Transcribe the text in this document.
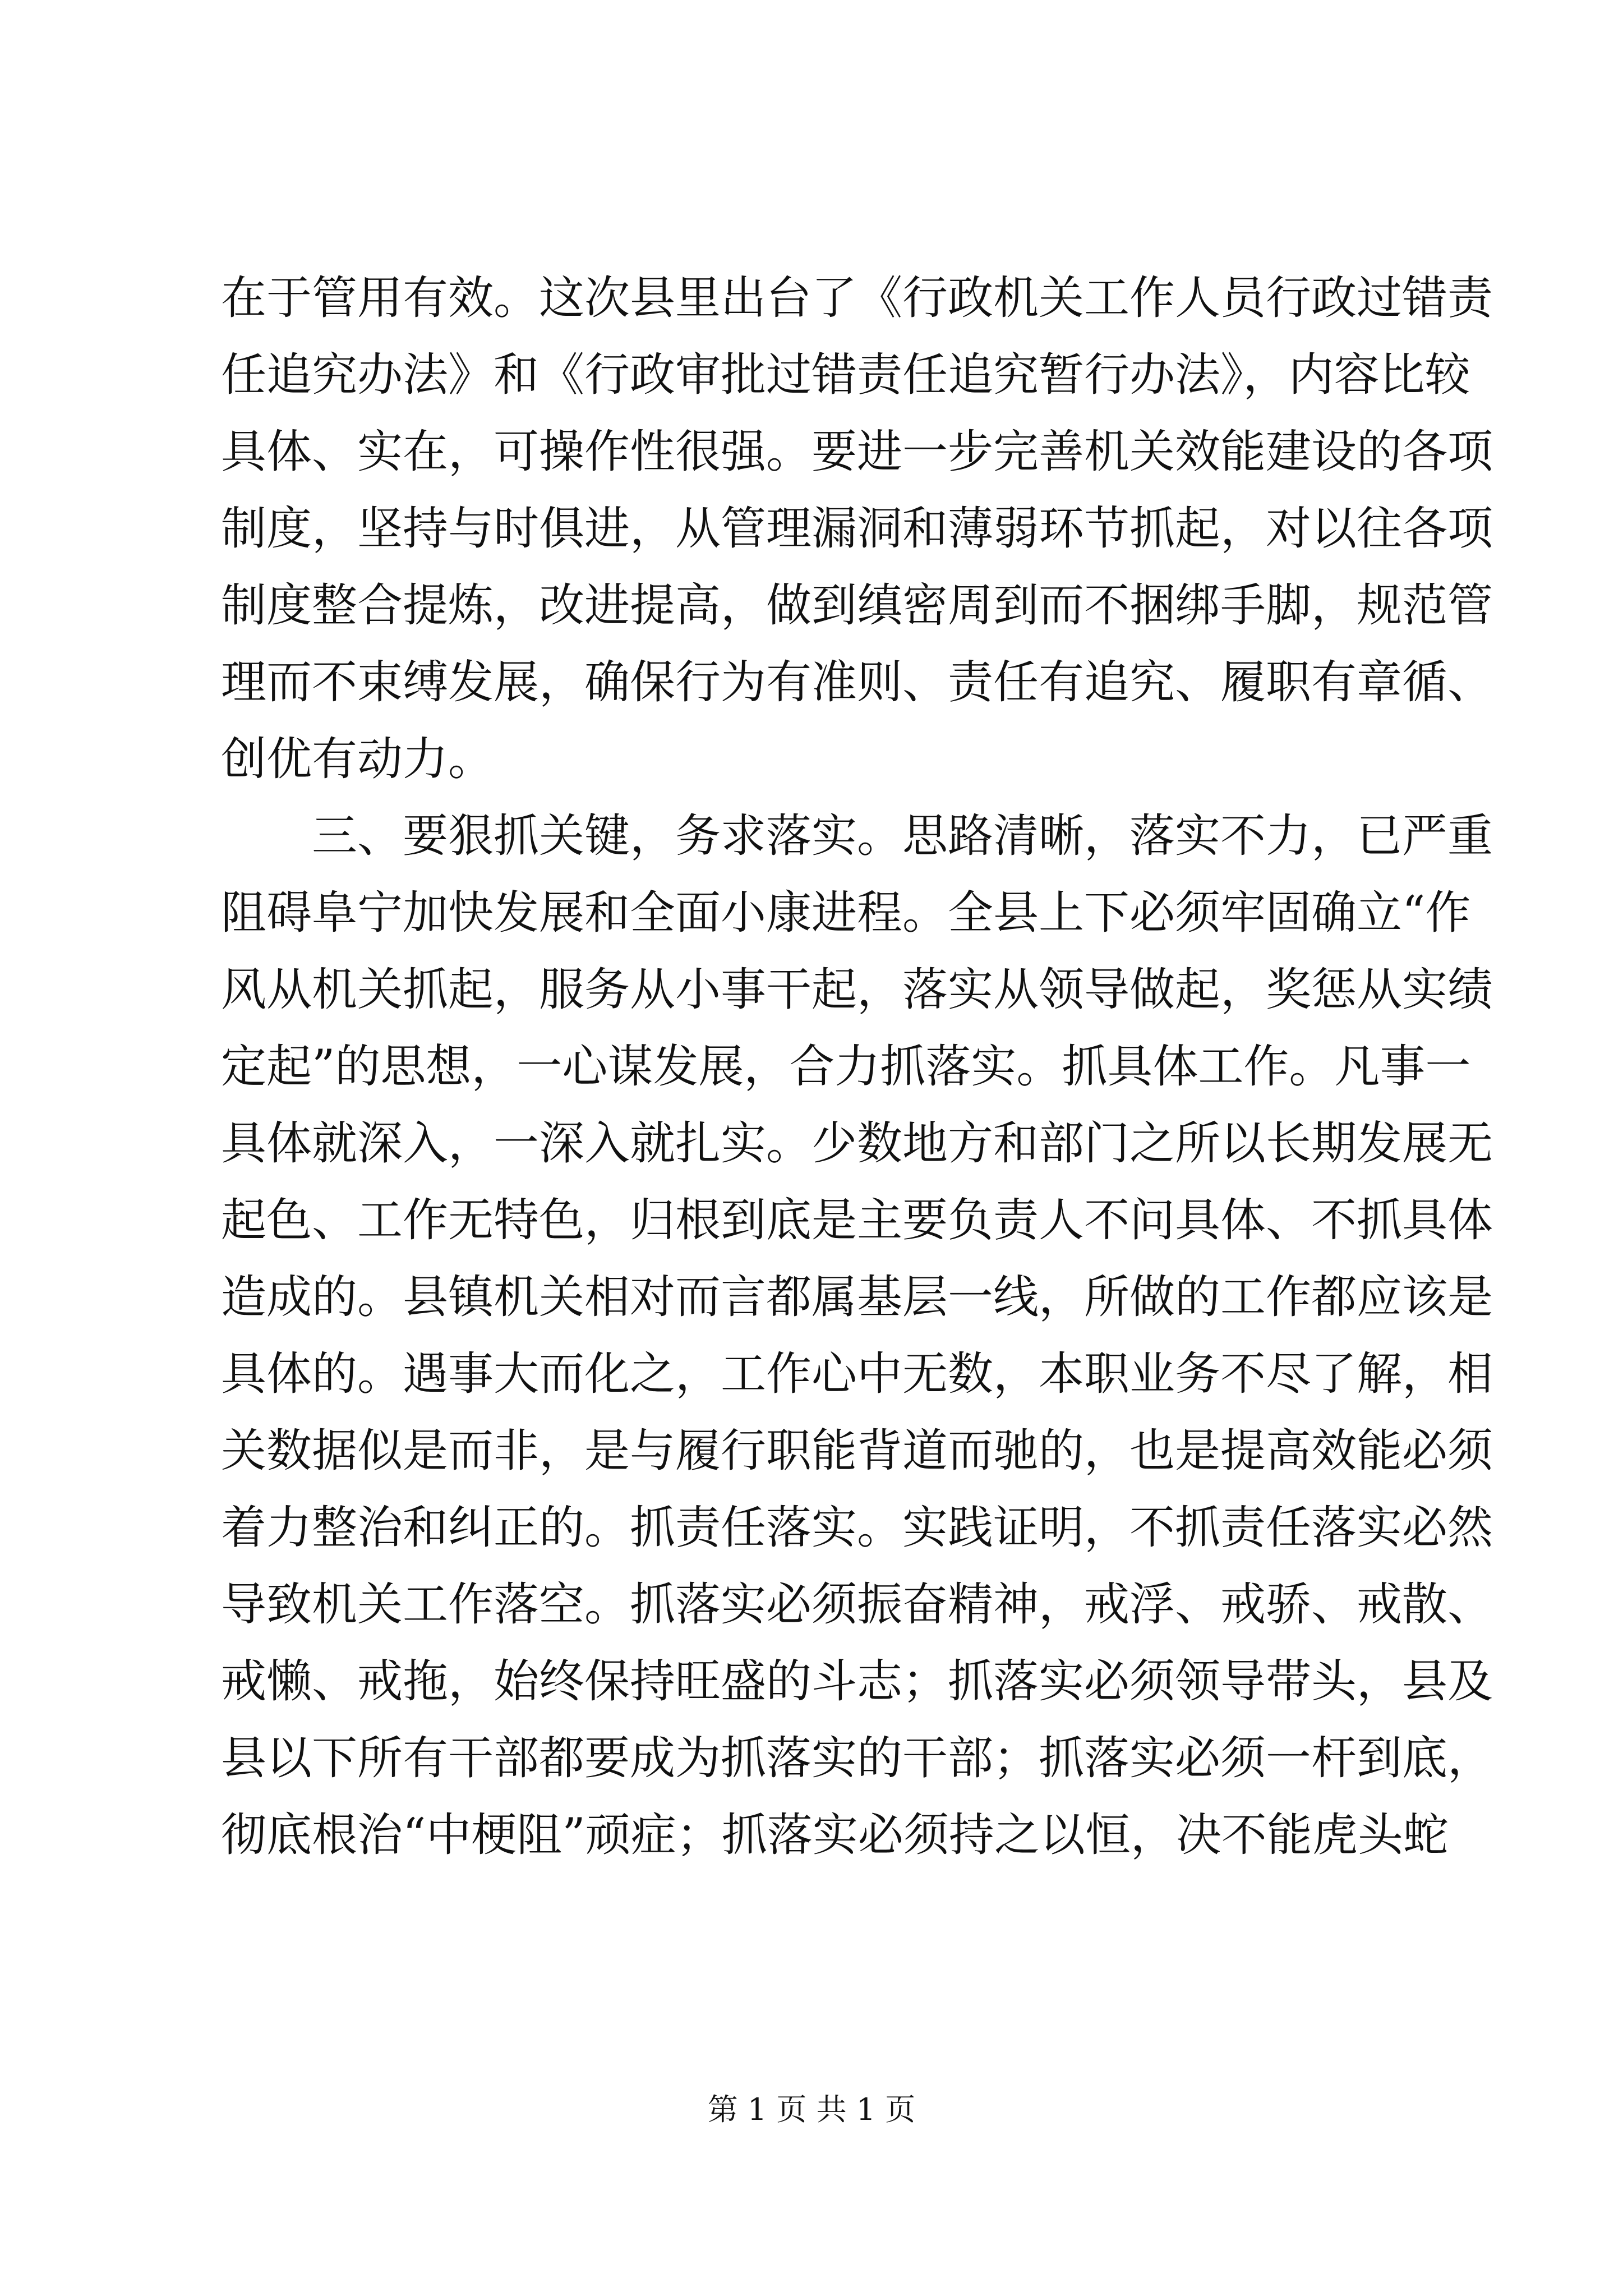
在于管用有效。这次县里出台了《行政机关工作人员行政过错责
任追究办法》和《行政审批过错责任追究暂行办法》，内容比较
具体、实在，可操作性很强。要进一步完善机关效能建设的各项
制度，坚持与时俱进，从管理漏洞和薄弱环节抓起，对以往各项
制度整合提炼，改进提高，做到缜密周到而不捆绑手脚，规范管
理而不束缚发展，确保行为有准则、责任有追究、履职有章循、
创优有动力。
　　三、要狠抓关键，务求落实。思路清晰，落实不力，已严重
阻碍阜宁加快发展和全面小康进程。全县上下必须牢固确立“作
风从机关抓起，服务从小事干起，落实从领导做起，奖惩从实绩
定起”的思想，一心谋发展，合力抓落实。抓具体工作。凡事一
具体就深入，一深入就扎实。少数地方和部门之所以长期发展无
起色、工作无特色，归根到底是主要负责人不问具体、不抓具体
造成的。县镇机关相对而言都属基层一线，所做的工作都应该是
具体的。遇事大而化之，工作心中无数，本职业务不尽了解，相
关数据似是而非，是与履行职能背道而驰的，也是提高效能必须
着力整治和纠正的。抓责任落实。实践证明，不抓责任落实必然
导致机关工作落空。抓落实必须振奋精神，戒浮、戒骄、戒散、
戒懒、戒拖，始终保持旺盛的斗志；抓落实必须领导带头，县及
县以下所有干部都要成为抓落实的干部；抓落实必须一杆到底，
彻底根治“中梗阻”顽症；抓落实必须持之以恒，决不能虎头蛇
第 1 页 共 1 页
